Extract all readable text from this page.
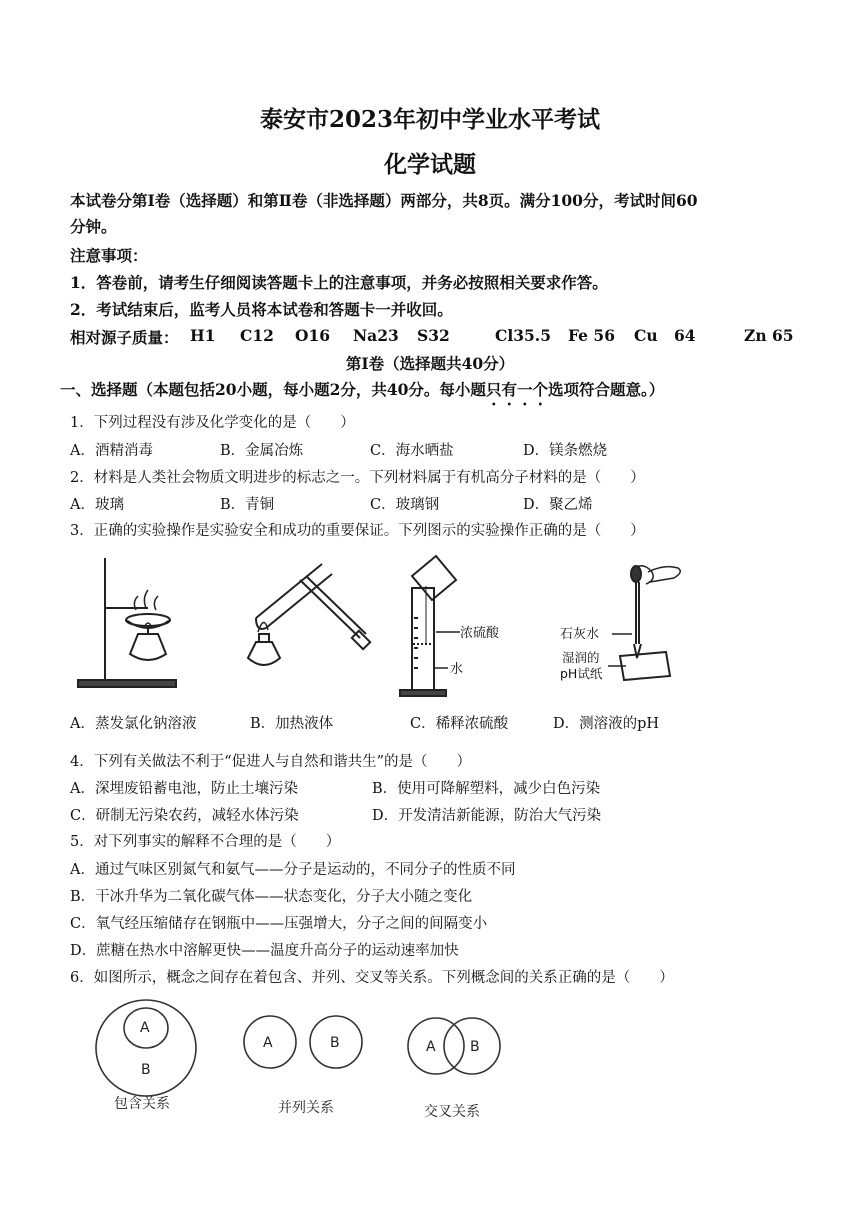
泰安市2023年初中学业水平考试
化学试题
本试卷分第Ⅰ卷（选择题）和第Ⅱ卷（非选择题）两部分，共8页。满分100分，考试时间60
分钟。
注意事项：
1．答卷前，请考生仔细阅读答题卡上的注意事项，并务必按照相关要求作答。
2．考试结束后，监考人员将本试卷和答题卡一并收回。
相对源子质量： H1 C12 O16 Na23 S32	Cl35.5 Fe 56 Cu 64	Zn 65
第Ⅰ卷（选择题共40分）
一、选择题（本题包括20小题，每小题2分，共40分。每小题只有一个选项符合题意。）
1．下列过程没有涉及化学变化的是（　　）
A．酒精消毒	B．金属冶炼	C．海水晒盐	D．镁条燃烧
2．材料是人类社会物质文明进步的标志之一。下列材料属于有机高分子材料的是（　　）
A．玻璃	B．青铜	C．玻璃钢	D．聚乙烯
3．正确的实验操作是实验安全和成功的重要保证。下列图示的实验操作正确的是（　　）
浓硫酸
水
石灰水
湿润的
pH试纸
A．蒸发氯化钠溶液	B．加热液体	C．稀释浓硫酸	D．测溶液的pH
4．下列有关做法不利于“促进人与自然和谐共生”的是（　　）
A．深埋废铅蓄电池，防止土壤污染	B．使用可降解塑料，减少白色污染
C．研制无污染农药，减轻水体污染	D．开发清洁新能源，防治大气污染
5．对下列事实的解释不合理的是（　　）
A．通过气味区别氮气和氨气——分子是运动的，不同分子的性质不同
B．干冰升华为二氧化碳气体——状态变化，分子大小随之变化
C．氧气经压缩储存在钢瓶中——压强增大，分子之间的间隔变小
D．蔗糖在热水中溶解更快——温度升高分子的运动速率加快
6．如图所示，概念之间存在着包含、并列、交叉等关系。下列概念间的关系正确的是（　　）
A
B
A	B	A B
包含关系	并列关系	交叉关系
